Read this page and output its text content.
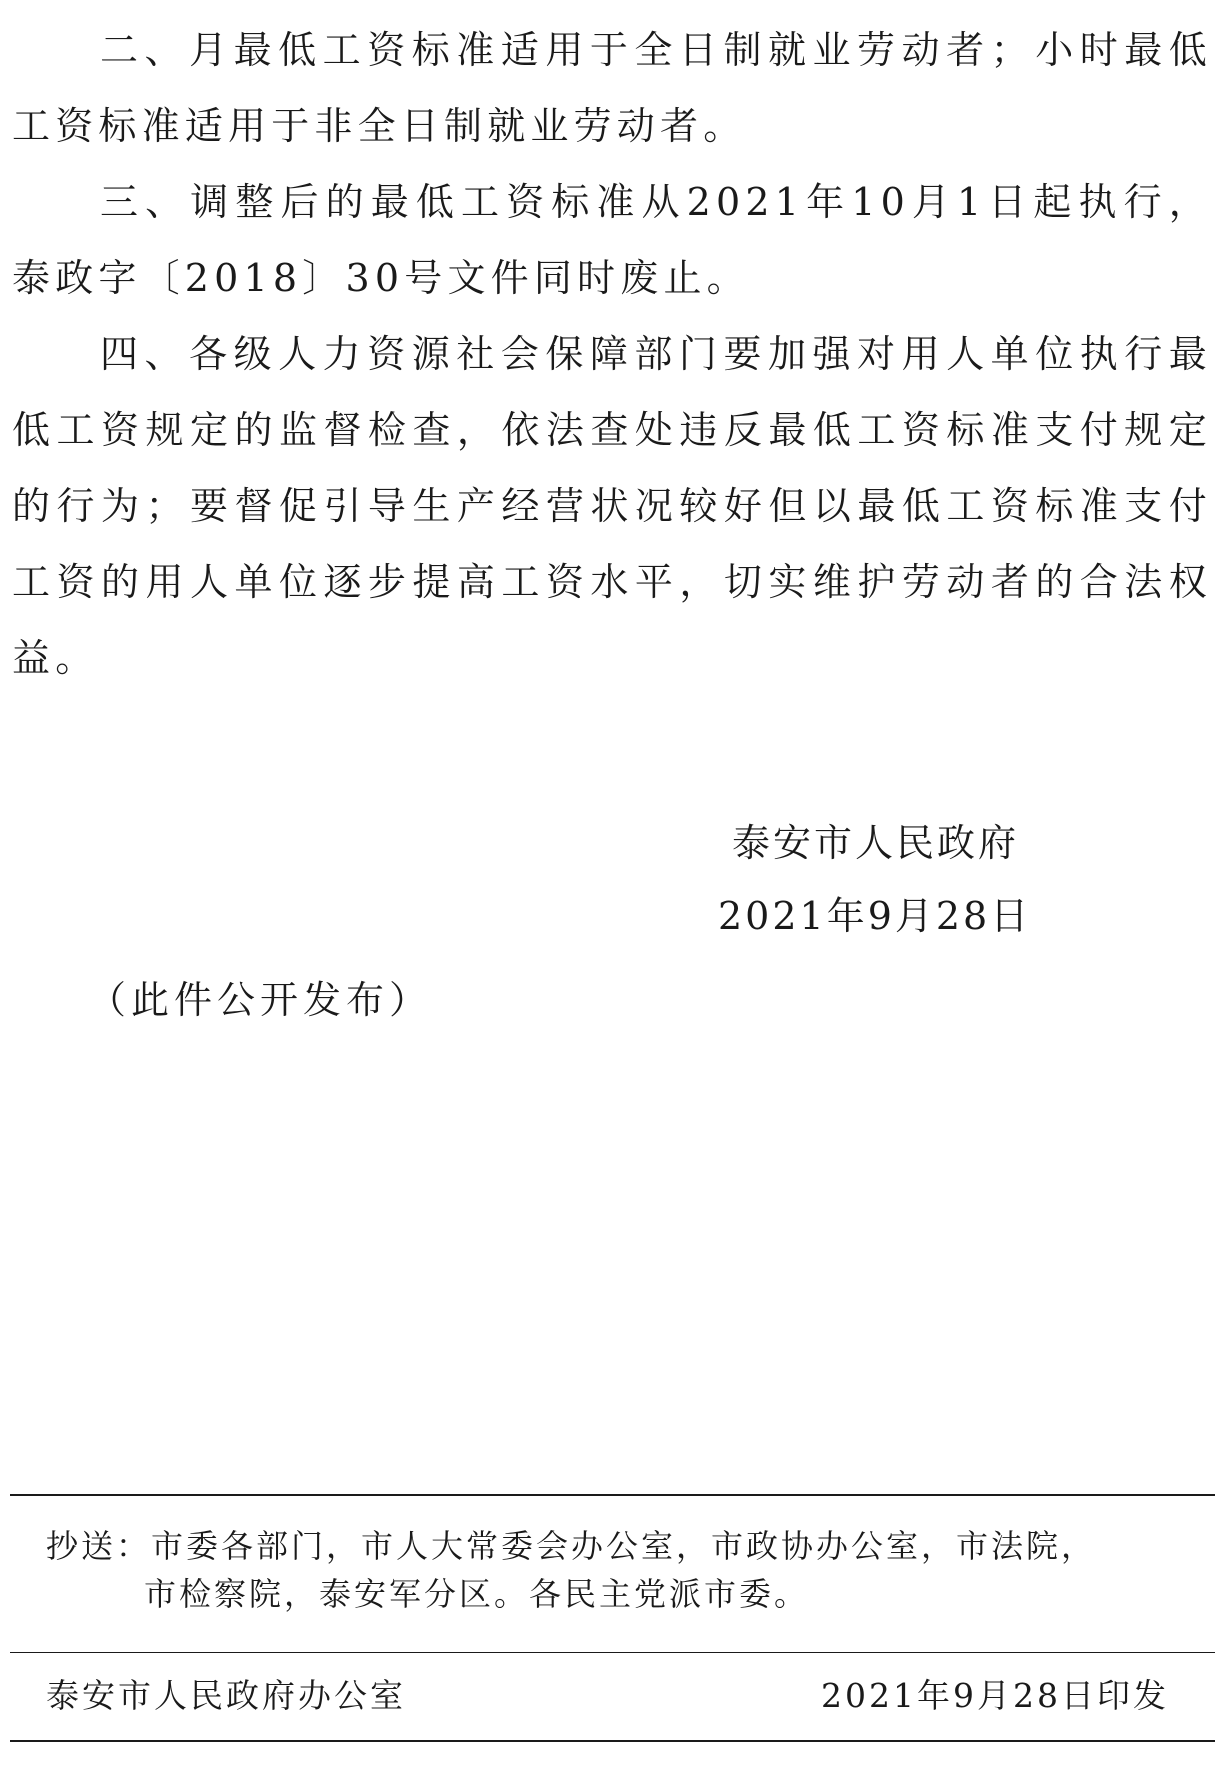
二、月最低工资标准适用于全日制就业劳动者；小时最低工资标准适用于非全日制就业劳动者。

三、调整后的最低工资标准从2021年10月1日起执行，泰政字〔2018〕30号文件同时废止。

四、各级人力资源社会保障部门要加强对用人单位执行最低工资规定的监督检查，依法查处违反最低工资标准支付规定的行为；要督促引导生产经营状况较好但以最低工资标准支付工资的用人单位逐步提高工资水平，切实维护劳动者的合法权益。

泰安市人民政府
2021年9月28日
（此件公开发布）
抄送：市委各部门，市人大常委会办公室，市政协办公室，市法院，
市检察院，泰安军分区。各民主党派市委。
泰安市人民政府办公室	2021年9月28日印发
